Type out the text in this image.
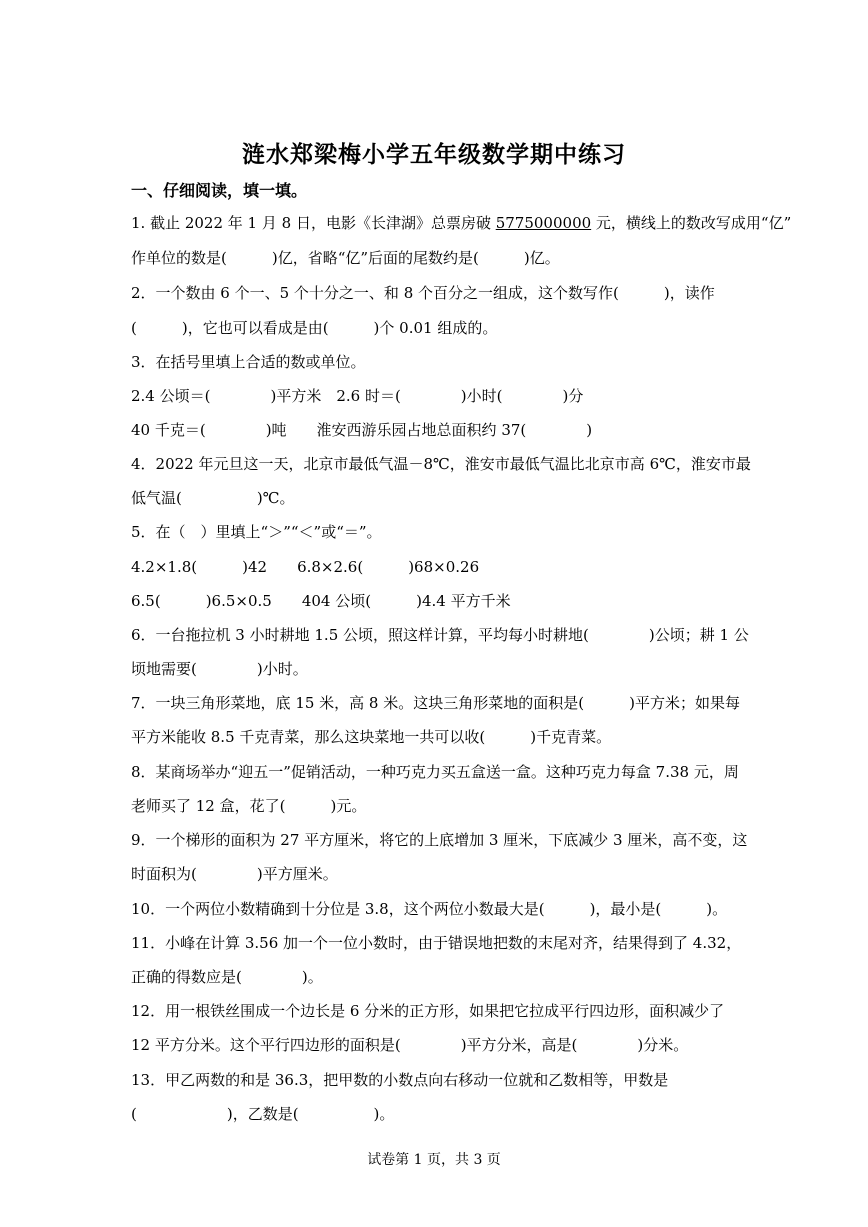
涟水郑梁梅小学五年级数学期中练习
一、仔细阅读，填一填。
1. 截止 2022 年 1 月 8 日，电影《长津湖》总票房破 5775000000 元，横线上的数改写成用“亿”
作单位的数是(　　　)亿，省略“亿”后面的尾数约是(　　　)亿。
2．一个数由 6 个一、5 个十分之一、和 8 个百分之一组成，这个数写作(　　　)，读作
(　　　)，它也可以看成是由(　　　)个 0.01 组成的。
3．在括号里填上合适的数或单位。
2.4 公顷＝(　　　　)平方米　2.6 时＝(　　　　)小时(　　　　)分
40 千克＝(　　　　)吨　　淮安西游乐园占地总面积约 37(　　　　)
4．2022 年元旦这一天，北京市最低气温－8℃，淮安市最低气温比北京市高 6℃，淮安市最
低气温(　　　　　)℃。
5．在（　）里填上“＞”“＜”或“＝”。
4.2×1.8(　　　)42　　6.8×2.6(　　　)68×0.26
6.5(　　　)6.5×0.5　　404 公顷(　　　)4.4 平方千米
6．一台拖拉机 3 小时耕地 1.5 公顷，照这样计算，平均每小时耕地(　　　　)公顷；耕 1 公
顷地需要(　　　　)小时。
7．一块三角形菜地，底 15 米，高 8 米。这块三角形菜地的面积是(　　　)平方米；如果每
平方米能收 8.5 千克青菜，那么这块菜地一共可以收(　　　)千克青菜。
8．某商场举办“迎五一”促销活动，一种巧克力买五盒送一盒。这种巧克力每盒 7.38 元，周
老师买了 12 盒，花了(　　　)元。
9．一个梯形的面积为 27 平方厘米，将它的上底增加 3 厘米，下底减少 3 厘米，高不变，这
时面积为(　　　　)平方厘米。
10．一个两位小数精确到十分位是 3.8，这个两位小数最大是(　　　)，最小是(　　　)。
11．小峰在计算 3.56 加一个一位小数时，由于错误地把数的末尾对齐，结果得到了 4.32，
正确的得数应是(　　　　)。
12．用一根铁丝围成一个边长是 6 分米的正方形，如果把它拉成平行四边形，面积减少了
12 平方分米。这个平行四边形的面积是(　　　　)平方分米，高是(　　　　)分米。
13．甲乙两数的和是 36.3，把甲数的小数点向右移动一位就和乙数相等，甲数是
(　　　　　　)，乙数是(　　　　　)。
试卷第 1 页，共 3 页
